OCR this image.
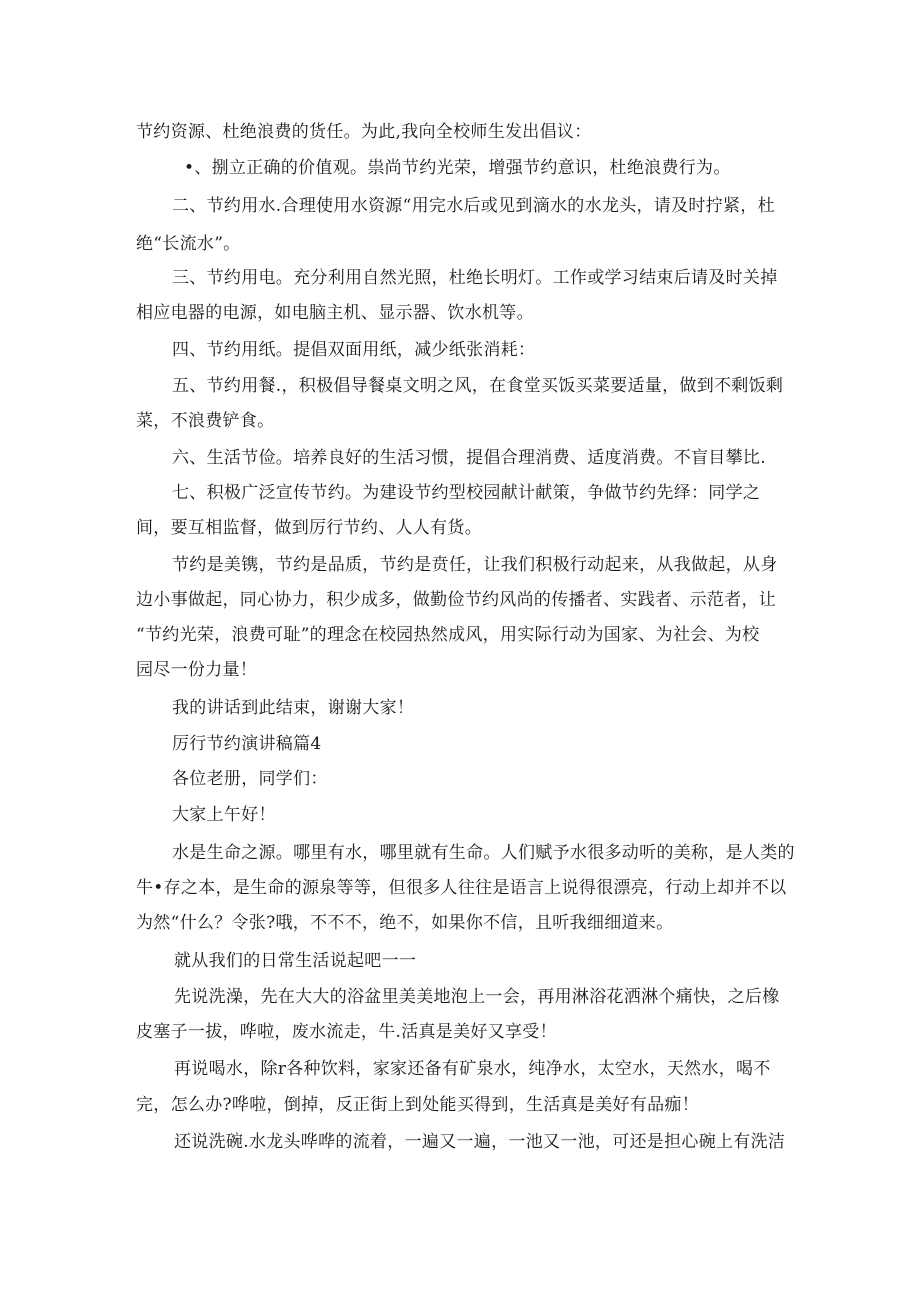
节约资源、杜绝浪费的货任。为此,我向全校师生发出倡议：
•、捌立正确的价值观。祟尚节约光荣，增强节约意识，杜绝浪费行为。
二、节约用水.合理使用水资源“用完水后或见到滴水的水龙头，请及时拧紧，杜
绝“长流水”。
三、节约用电。充分利用自然光照，杜绝长明灯。工作或学习结束后请及时关掉
相应电器的电源，如电脑主机、显示器、饮水机等。
四、节约用纸。提倡双面用纸，减少纸张消耗：
五、节约用餐.，积极倡导餐桌文明之风，在食堂买饭买菜要适量，做到不剩饭剩
菜，不浪费铲食。
六、生活节俭。培养良好的生活习惯，提倡合理消费、适度消费。不盲目攀比.
七、积极广泛宣传节约。为建设节约型校园献计献策，争做节约先绎：同学之
间，要互相监督，做到厉行节约、人人有货。
节约是美镌，节约是品质，节约是贲任，让我们积极行动起来，从我做起，从身
边小事做起，同心协力，积少成多，做勤俭节约风尚的传播者、实践者、示范者，让
“节约光荣，浪费可耻”的理念在校园热然成风，用实际行动为国家、为社会、为校
园尽一份力量！
我的讲话到此结束，谢谢大家！
厉行节约演讲稿篇4
各位老册，同学们：
大家上午好！
水是生命之源。哪里有水，哪里就有生命。人们赋予水很多动听的美称，是人类的
牛•存之本，是生命的源泉等等，但很多人往往是语言上说得很漂亮，行动上却并不以
为然“什么？令张?哦，不不不，绝不，如果你不信，且听我细细道来。
就从我们的日常生活说起吧一一
先说洗澡，先在大大的浴盆里美美地泡上一会，再用淋浴花洒淋个痛快，之后橡
皮塞子一拔，哗啦，废水流走，牛.活真是美好又享受！
再说喝水，除r各种饮料，家家还备有矿泉水，纯净水，太空水，天然水，喝不
完，怎么办?哗啦，倒掉，反正街上到处能买得到，生活真是美好有品痂！
还说洗碗.水龙头哗哗的流着，一遍又一遍，一池又一池，可还是担心碗上有洗洁
